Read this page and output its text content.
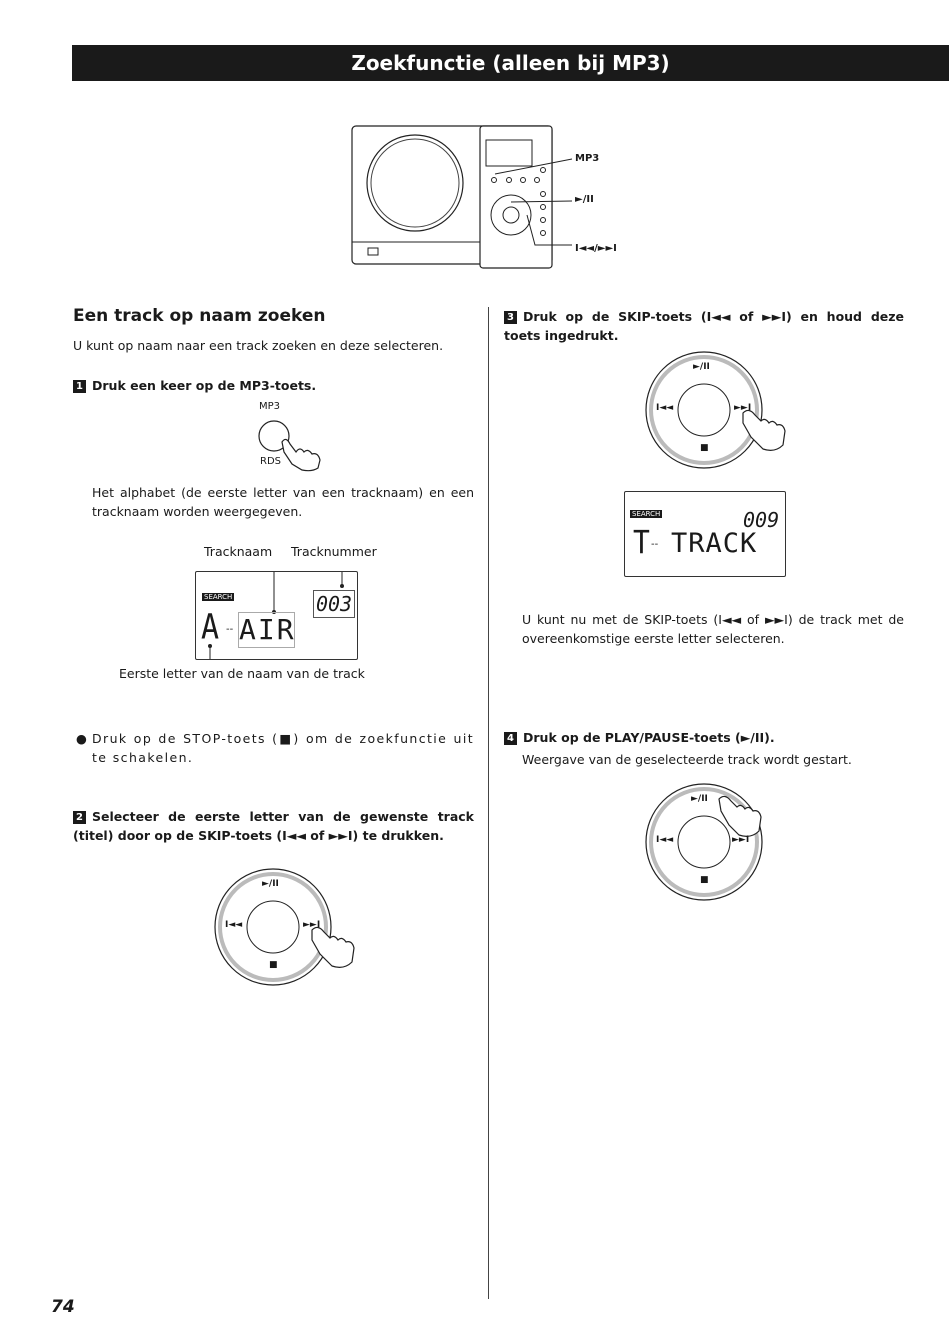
Zoekfunctie (alleen bij MP3)
MP3
►/II
I◄◄/►►I
Een track op naam zoeken
U kunt op naam naar een track zoeken en deze selecteren.
1 Druk een keer op de MP3-toets.
MP3
RDS
Het alphabet (de eerste letter van een tracknaam) en een tracknaam worden weergegeven.
Tracknaam Tracknummer
SEARCH
A -- AIR
003
Eerste letter van de naam van de track
● Druk op de STOP-toets (■) om de zoekfunctie uit te schakelen.
2 Selecteer de eerste letter van de gewenste track (titel) door op de SKIP-toets (I◄◄ of ►►I) te drukken.
►/II
I◄◄	►►I
■
3 Druk op de SKIP-toets (I◄◄ of ►►I) en houd deze toets ingedrukt.
►/II
I◄◄	►►I
■
SEARCH
T -- TRACK
009
U kunt nu met de SKIP-toets (I◄◄ of ►►I) de track met de overeenkomstige eerste letter selecteren.
4 Druk op de PLAY/PAUSE-toets (►/II).
Weergave van de geselecteerde track wordt gestart.
►/II
I◄◄	►►I
■
74
